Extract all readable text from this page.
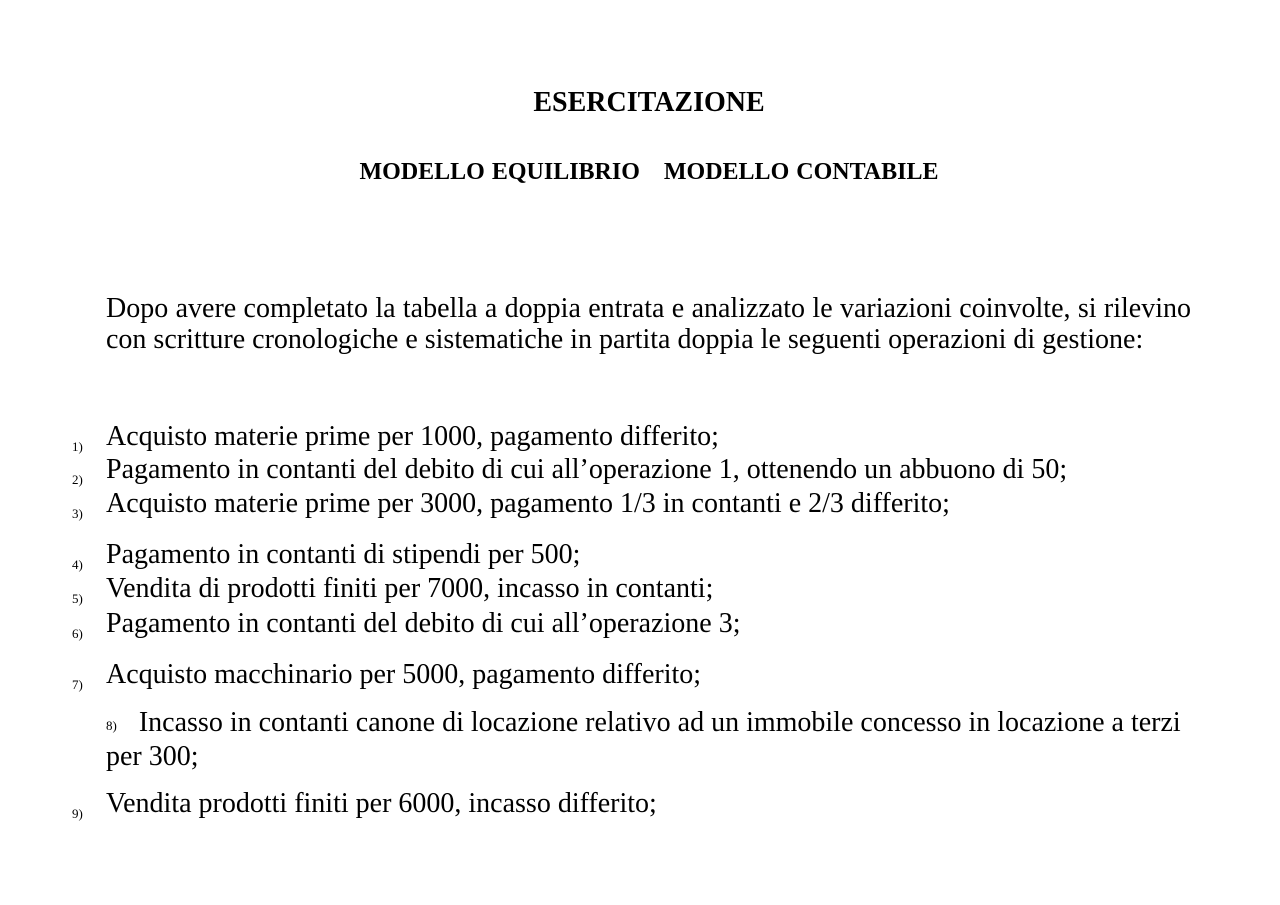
ESERCITAZIONE
MODELLO EQUILIBRIO MODELLO CONTABILE
Dopo avere completato la tabella a doppia entrata e analizzato le variazioni coinvolte, si rilevino con scritture cronologiche e sistematiche in partita doppia le seguenti operazioni di gestione:
1) Acquisto materie prime per 1000, pagamento differito;
2) Pagamento in contanti del debito di cui all’operazione 1, ottenendo un abbuono di 50;
3) Acquisto materie prime per 3000, pagamento 1/3 in contanti e 2/3 differito;
4) Pagamento in contanti di stipendi per 500;
5) Vendita di prodotti finiti per 7000, incasso in contanti;
6) Pagamento in contanti del debito di cui all’operazione 3;
7) Acquisto macchinario per 5000, pagamento differito;
8) Incasso in contanti canone di locazione relativo ad un immobile concesso in locazione a terzi per 300;
9) Vendita prodotti finiti per 6000, incasso differito;
